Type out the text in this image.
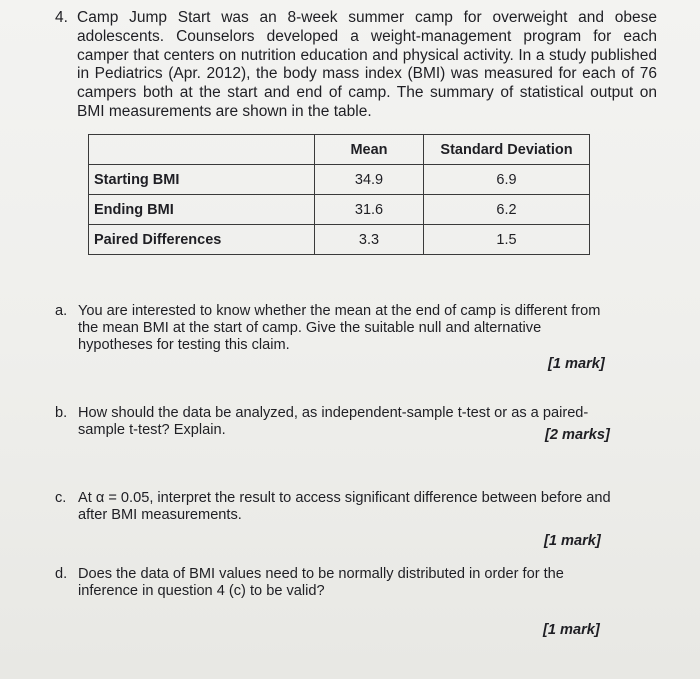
4. Camp Jump Start was an 8-week summer camp for overweight and obese adolescents. Counselors developed a weight-management program for each camper that centers on nutrition education and physical activity. In a study published in Pediatrics (Apr. 2012), the body mass index (BMI) was measured for each of 76 campers both at the start and end of camp. The summary of statistical output on BMI measurements are shown in the table.

	Mean	Standard Deviation
Starting BMI	34.9	6.9
Ending BMI	31.6	6.2
Paired Differences	3.3	1.5
a. You are interested to know whether the mean at the end of camp is different from the mean BMI at the start of camp. Give the suitable null and alternative hypotheses for testing this claim.
[1 mark]
b. How should the data be analyzed, as independent-sample t-test or as a paired-sample t-test? Explain.	[2 marks]
c. At α = 0.05, interpret the result to access significant difference between before and after BMI measurements.
[1 mark]
d. Does the data of BMI values need to be normally distributed in order for the inference in question 4 (c) to be valid?
[1 mark]
